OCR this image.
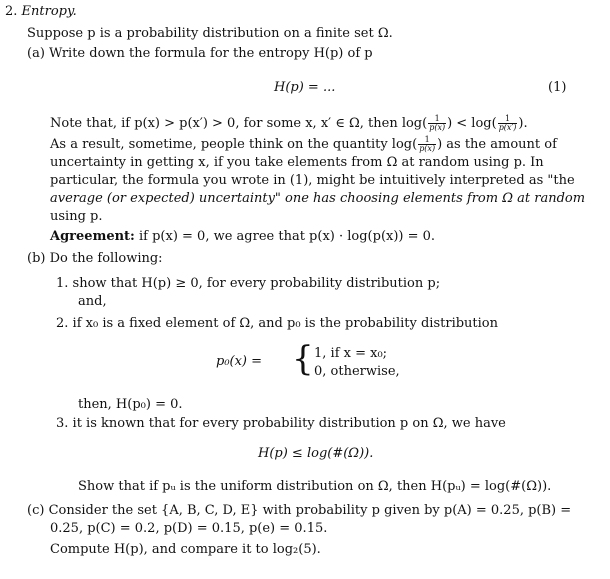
2. Entropy.
Suppose p is a probability distribution on a finite set Ω.
(a) Write down the formula for the entropy H(p) of p
H(p) = ...	(1)
Note that, if p(x) > p(x′) > 0, for some x, x′ ∈ Ω, then $\log( \frac{1}{p(x)}$ ) < $\log( \frac{1}{p(x')}$ ).
As a result, sometime, people think on the quantity $\log( \frac{1}{p(x)}$ ) as the amount of
uncertainty in getting x, if you take elements from Ω at random using p. In
particular, the formula you wrote in (1), might be intuitively interpreted as "the
average (or expected) uncertainty" one has choosing elements from Ω at random
using p.
Agreement: if p(x) = 0, we agree that p(x) · log(p(x)) = 0.
(b) Do the following:
1. show that H(p) ≥ 0, for every probability distribution p;
and,
2. if x₀ is a fixed element of Ω, and p₀ is the probability distribution
p₀(x) = { 1, if x = x₀;
0, otherwise,
then, H(p₀) = 0.
3. it is known that for every probability distribution p on Ω, we have
H(p) ≤ log(#(Ω)).
Show that if pᵤ is the uniform distribution on Ω, then H(pᵤ) = log(#(Ω)).
(c) Consider the set {A, B, C, D, E} with probability p given by p(A) = 0.25, p(B) =
0.25, p(C) = 0.2, p(D) = 0.15, p(e) = 0.15.
Compute H(p), and compare it to log₂(5).
